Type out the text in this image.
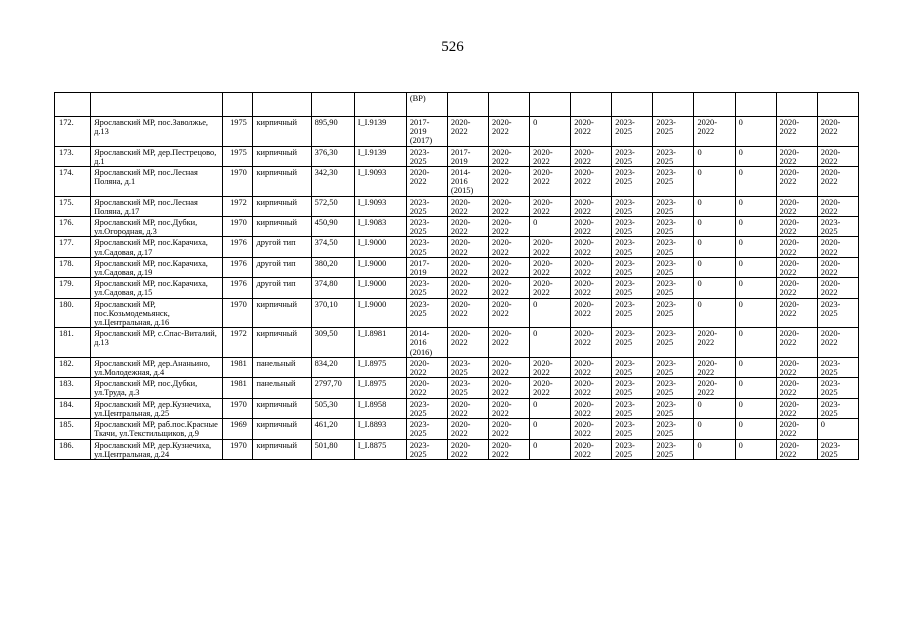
526
						(ВР)										
172.	Ярославский МР, пос.Заволжье, д.13	1975	кирпичный	895,90	I_I.9139	2017-2019 (2017)	2020-2022	2020-2022	0	2020-2022	2023-2025	2023-2025	2020-2022	0	2020-2022	2020-2022
173.	Ярославский МР, дер.Пестрецово, д.1	1975	кирпичный	376,30	I_I.9139	2023-2025	2017-2019	2020-2022	2020-2022	2020-2022	2023-2025	2023-2025	0	0	2020-2022	2020-2022
174.	Ярославский МР, пос.Лесная Поляна, д.1	1970	кирпичный	342,30	I_I.9093	2020-2022	2014-2016 (2015)	2020-2022	2020-2022	2020-2022	2023-2025	2023-2025	0	0	2020-2022	2020-2022
175.	Ярославский МР, пос.Лесная Поляна, д.17	1972	кирпичный	572,50	I_I.9093	2023-2025	2020-2022	2020-2022	2020-2022	2020-2022	2023-2025	2023-2025	0	0	2020-2022	2020-2022
176.	Ярославский МР, пос.Дубки, ул.Огородная, д.3	1970	кирпичный	450,90	I_I.9083	2023-2025	2020-2022	2020-2022	0	2020-2022	2023-2025	2023-2025	0	0	2020-2022	2023-2025
177.	Ярославский МР, пос.Карачиха, ул.Садовая, д.17	1976	другой тип	374,50	I_I.9000	2023-2025	2020-2022	2020-2022	2020-2022	2020-2022	2023-2025	2023-2025	0	0	2020-2022	2020-2022
178.	Ярославский МР, пос.Карачиха, ул.Садовая, д.19	1976	другой тип	380,20	I_I.9000	2017-2019	2020-2022	2020-2022	2020-2022	2020-2022	2023-2025	2023-2025	0	0	2020-2022	2020-2022
179.	Ярославский МР, пос.Карачиха, ул.Садовая, д.15	1976	другой тип	374,80	I_I.9000	2023-2025	2020-2022	2020-2022	2020-2022	2020-2022	2023-2025	2023-2025	0	0	2020-2022	2020-2022
180.	Ярославский МР, пос.Козьмодемьянск, ул.Центральная, д.16	1970	кирпичный	370,10	I_I.9000	2023-2025	2020-2022	2020-2022	0	2020-2022	2023-2025	2023-2025	0	0	2020-2022	2023-2025
181.	Ярославский МР, с.Спас-Виталий, д.13	1972	кирпичный	309,50	I_I.8981	2014-2016 (2016)	2020-2022	2020-2022	0	2020-2022	2023-2025	2023-2025	2020-2022	0	2020-2022	2020-2022
182.	Ярославский МР, дер.Ананьино, ул.Молодежная, д.4	1981	панельный	834,20	I_I.8975	2020-2022	2023-2025	2020-2022	2020-2022	2020-2022	2023-2025	2023-2025	2020-2022	0	2020-2022	2023-2025
183.	Ярославский МР, пос.Дубки, ул.Труда, д.3	1981	панельный	2797,70	I_I.8975	2020-2022	2023-2025	2020-2022	2020-2022	2020-2022	2023-2025	2023-2025	2020-2022	0	2020-2022	2023-2025
184.	Ярославский МР, дер.Кузнечиха, ул.Центральная, д.25	1970	кирпичный	505,30	I_I.8958	2023-2025	2020-2022	2020-2022	0	2020-2022	2023-2025	2023-2025	0	0	2020-2022	2023-2025
185.	Ярославский МР, раб.пос.Красные Ткачи, ул.Текстильщиков, д.9	1969	кирпичный	461,20	I_I.8893	2023-2025	2020-2022	2020-2022	0	2020-2022	2023-2025	2023-2025	0	0	2020-2022	0
186.	Ярославский МР, дер.Кузнечиха, ул.Центральная, д.24	1970	кирпичный	501,80	I_I.8875	2023-2025	2020-2022	2020-2022	0	2020-2022	2023-2025	2023-2025	0	0	2020-2022	2023-2025
